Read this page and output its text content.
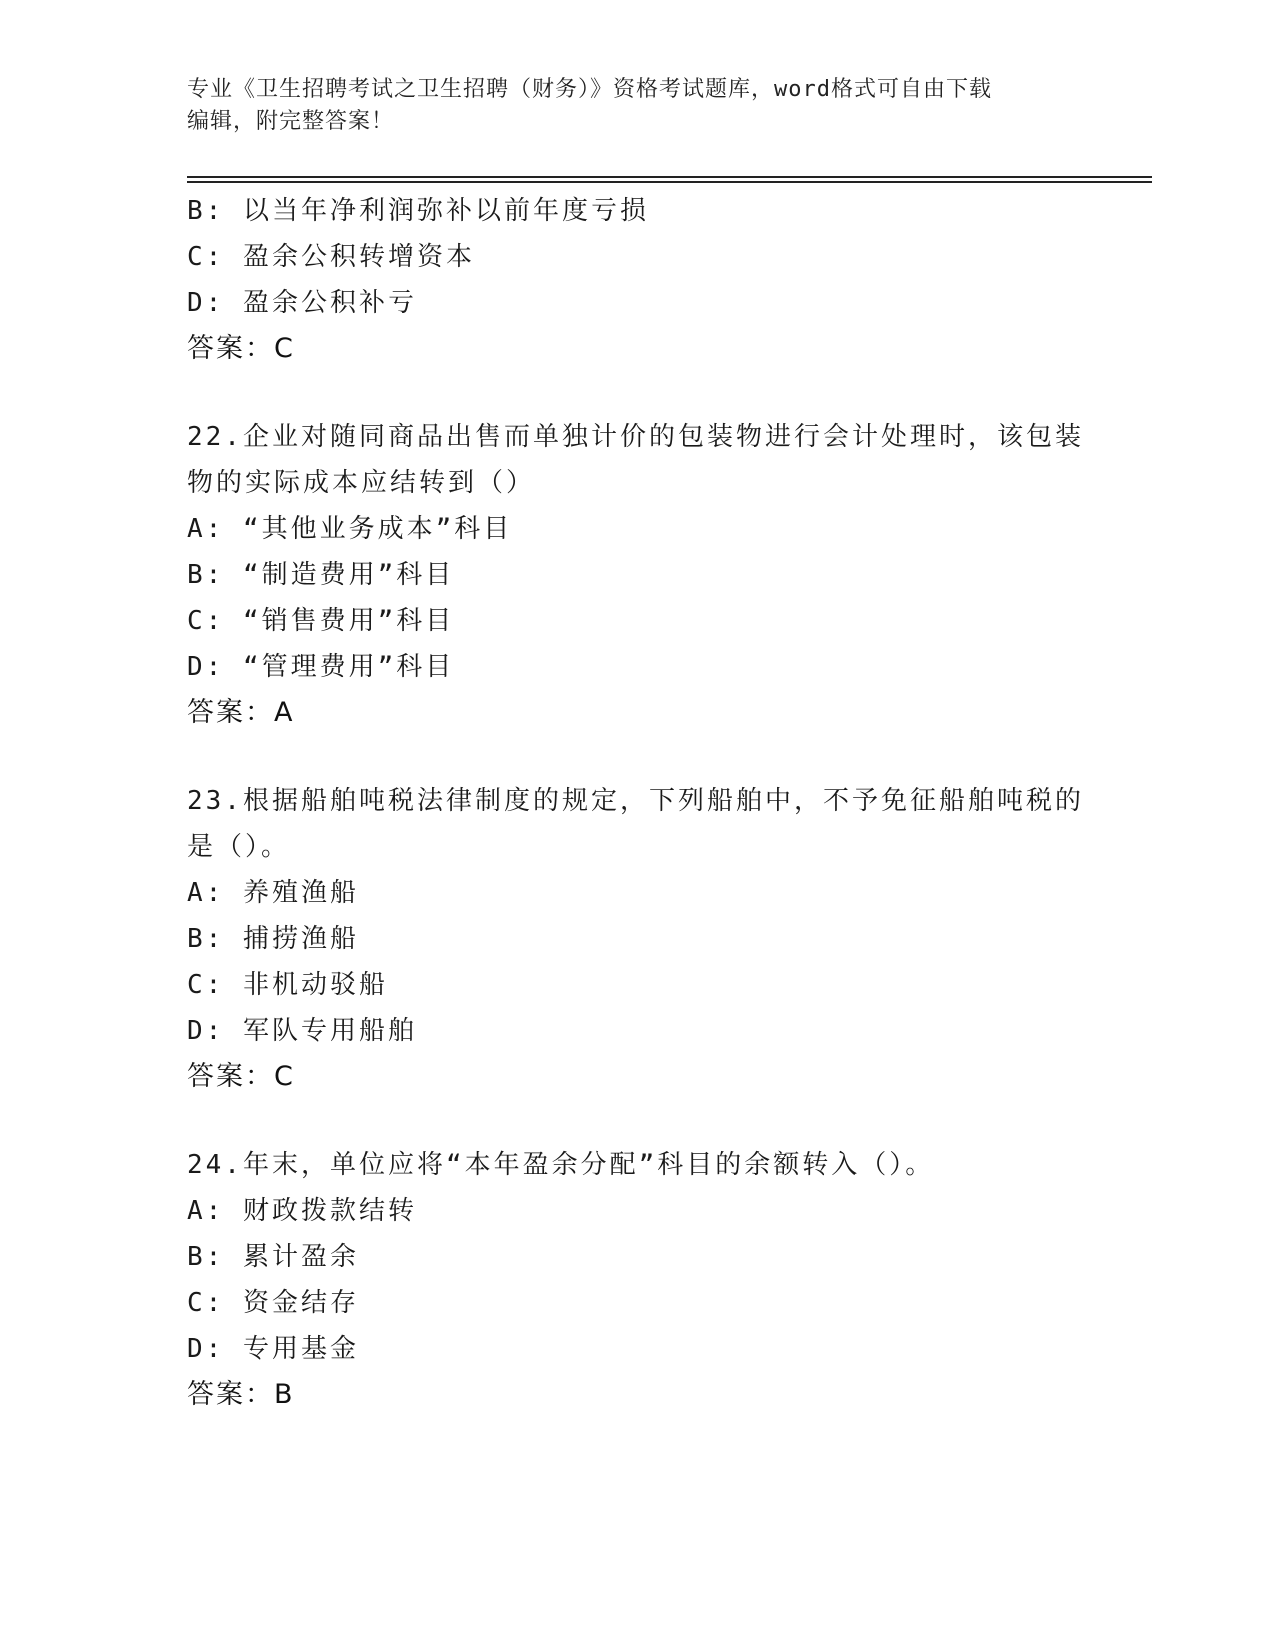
专业《卫生招聘考试之卫生招聘（财务）》资格考试题库，word格式可自由下载
编辑，附完整答案！
B: 以当年净利润弥补以前年度亏损
C: 盈余公积转增资本
D: 盈余公积补亏
答案：C
22.企业对随同商品出售而单独计价的包装物进行会计处理时，该包装
物的实际成本应结转到（）
A: “其他业务成本”科目
B: “制造费用”科目
C: “销售费用”科目
D: “管理费用”科目
答案：A
23.根据船舶吨税法律制度的规定，下列船舶中，不予免征船舶吨税的
是（）。
A: 养殖渔船
B: 捕捞渔船
C: 非机动驳船
D: 军队专用船舶
答案：C
24.年末，单位应将“本年盈余分配”科目的余额转入（）。
A: 财政拨款结转
B: 累计盈余
C: 资金结存
D: 专用基金
答案：B
